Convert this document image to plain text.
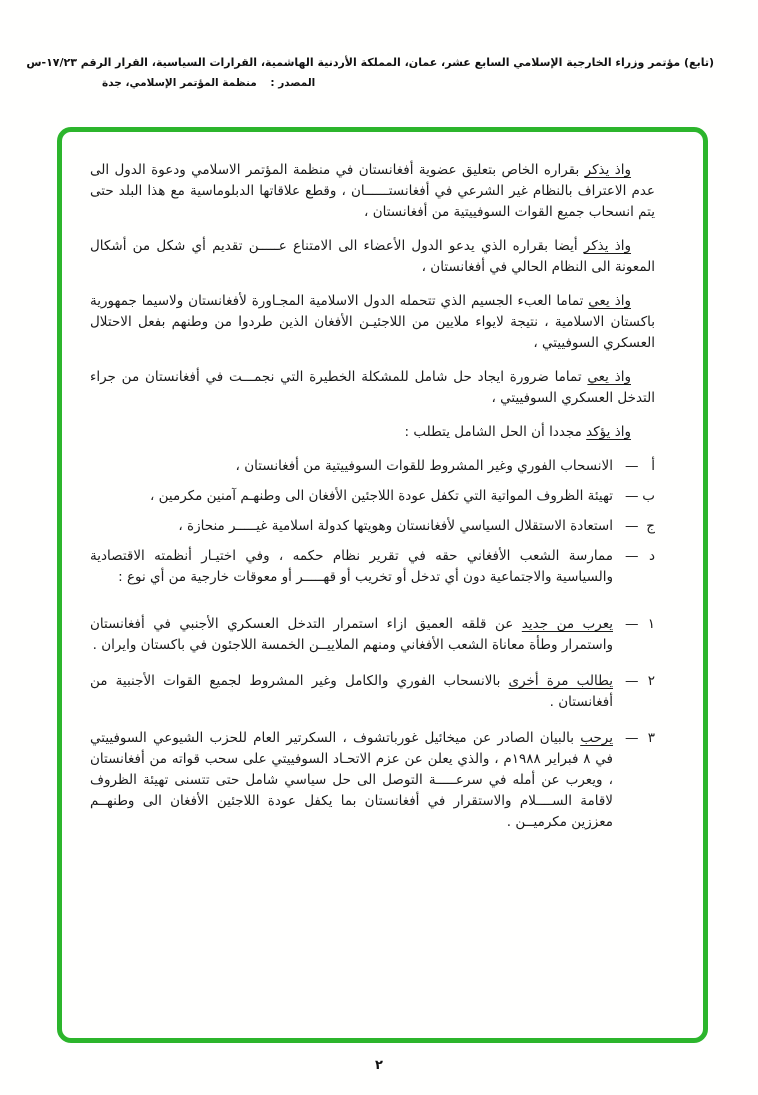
(تابع) مؤتمر وزراء الخارجية الإسلامي السابع عشر، عمان، المملكة الأردنية الهاشمية، القرارات السياسية، القرار الرقم ١٧/٢٣-س
المصدر : منظمة المؤتمر الإسلامي، جدة

واذ يذكر بقراره الخاص بتعليق عضوية أفغانستان في منظمة المؤتمر الاسلامي ودعوة الدول الى عدم الاعتراف بالنظام غير الشرعي في أفغانستــــــان ، وقطع علاقاتها الدبلوماسية مع هذا البلد حتى يتم انسحاب جميع القوات السوفييتية من أفغانستان ،

واذ يذكر أيضا بقراره الذي يدعو الدول الأعضاء الى الامتناع عـــــن تقديم أي شكل من أشكال المعونة الى النظام الحالي في أفغانستان ،

واذ يعي تماما العبء الجسيم الذي تتحمله الدول الاسلامية المجـاورة لأفغانستان ولاسيما جمهورية باكستان الاسلامية ، نتيجة لايواء ملايين من اللاجئيـن الأفغان الذين طردوا من وطنهم بفعل الاحتلال العسكري السوفييتي ،

واذ يعي تماما ضرورة ايجاد حل شامل للمشكلة الخطيرة التي نجمـــت في أفغانستان من جراء التدخل العسكري السوفييتي ،

واذ يؤكد مجددا أن الحل الشامل يتطلب :

أ
—
الانسحاب الفوري وغير المشروط للقوات السوفييتية من أفغانستان ،
ب
—
تهيئة الظروف المواتية التي تكفل عودة اللاجئين الأفغان الى وطنهـم آمنين مكرمين ،
ج
—
استعادة الاستقلال السياسي لأفغانستان وهويتها كدولة اسلامية غيـــــر منحازة ،
د
—
ممارسة الشعب الأفغاني حقه في تقرير نظام حكمه ، وفي اختيـار أنظمته الاقتصادية والسياسية والاجتماعية دون أي تدخل أو تخريب أو قهـــــر أو معوقات خارجية من أي نوع :
١
—
يعرب من جديد عن قلقه العميق ازاء استمرار التدخل العسكري الأجنبي في أفغانستان واستمرار وطأة معاناة الشعب الأفغاني ومنهم الملاييــن الخمسة اللاجئون في باكستان وايران .
٢
—
يطالب مرة أخرى بالانسحاب الفوري والكامل وغير المشروط لجميع القوات الأجنبية من أفغانستان .
٣
—
يرحب بالبيان الصادر عن ميخائيل غورباتشوف ، السكرتير العام للحزب الشيوعي السوفييتي في ٨ فبراير ١٩٨٨م ، والذي يعلن عن عزم الاتحـاد السوفييتي على سحب قواته من أفغانستان ، ويعرب عن أمله في سرعـــــة التوصل الى حل سياسي شامل حتى تتسنى تهيئة الظروف لاقامة الســــلام والاستقرار في أفغانستان بما يكفل عودة اللاجئين الأفغان الى وطنهــم معززين مكرميــن .
٢
